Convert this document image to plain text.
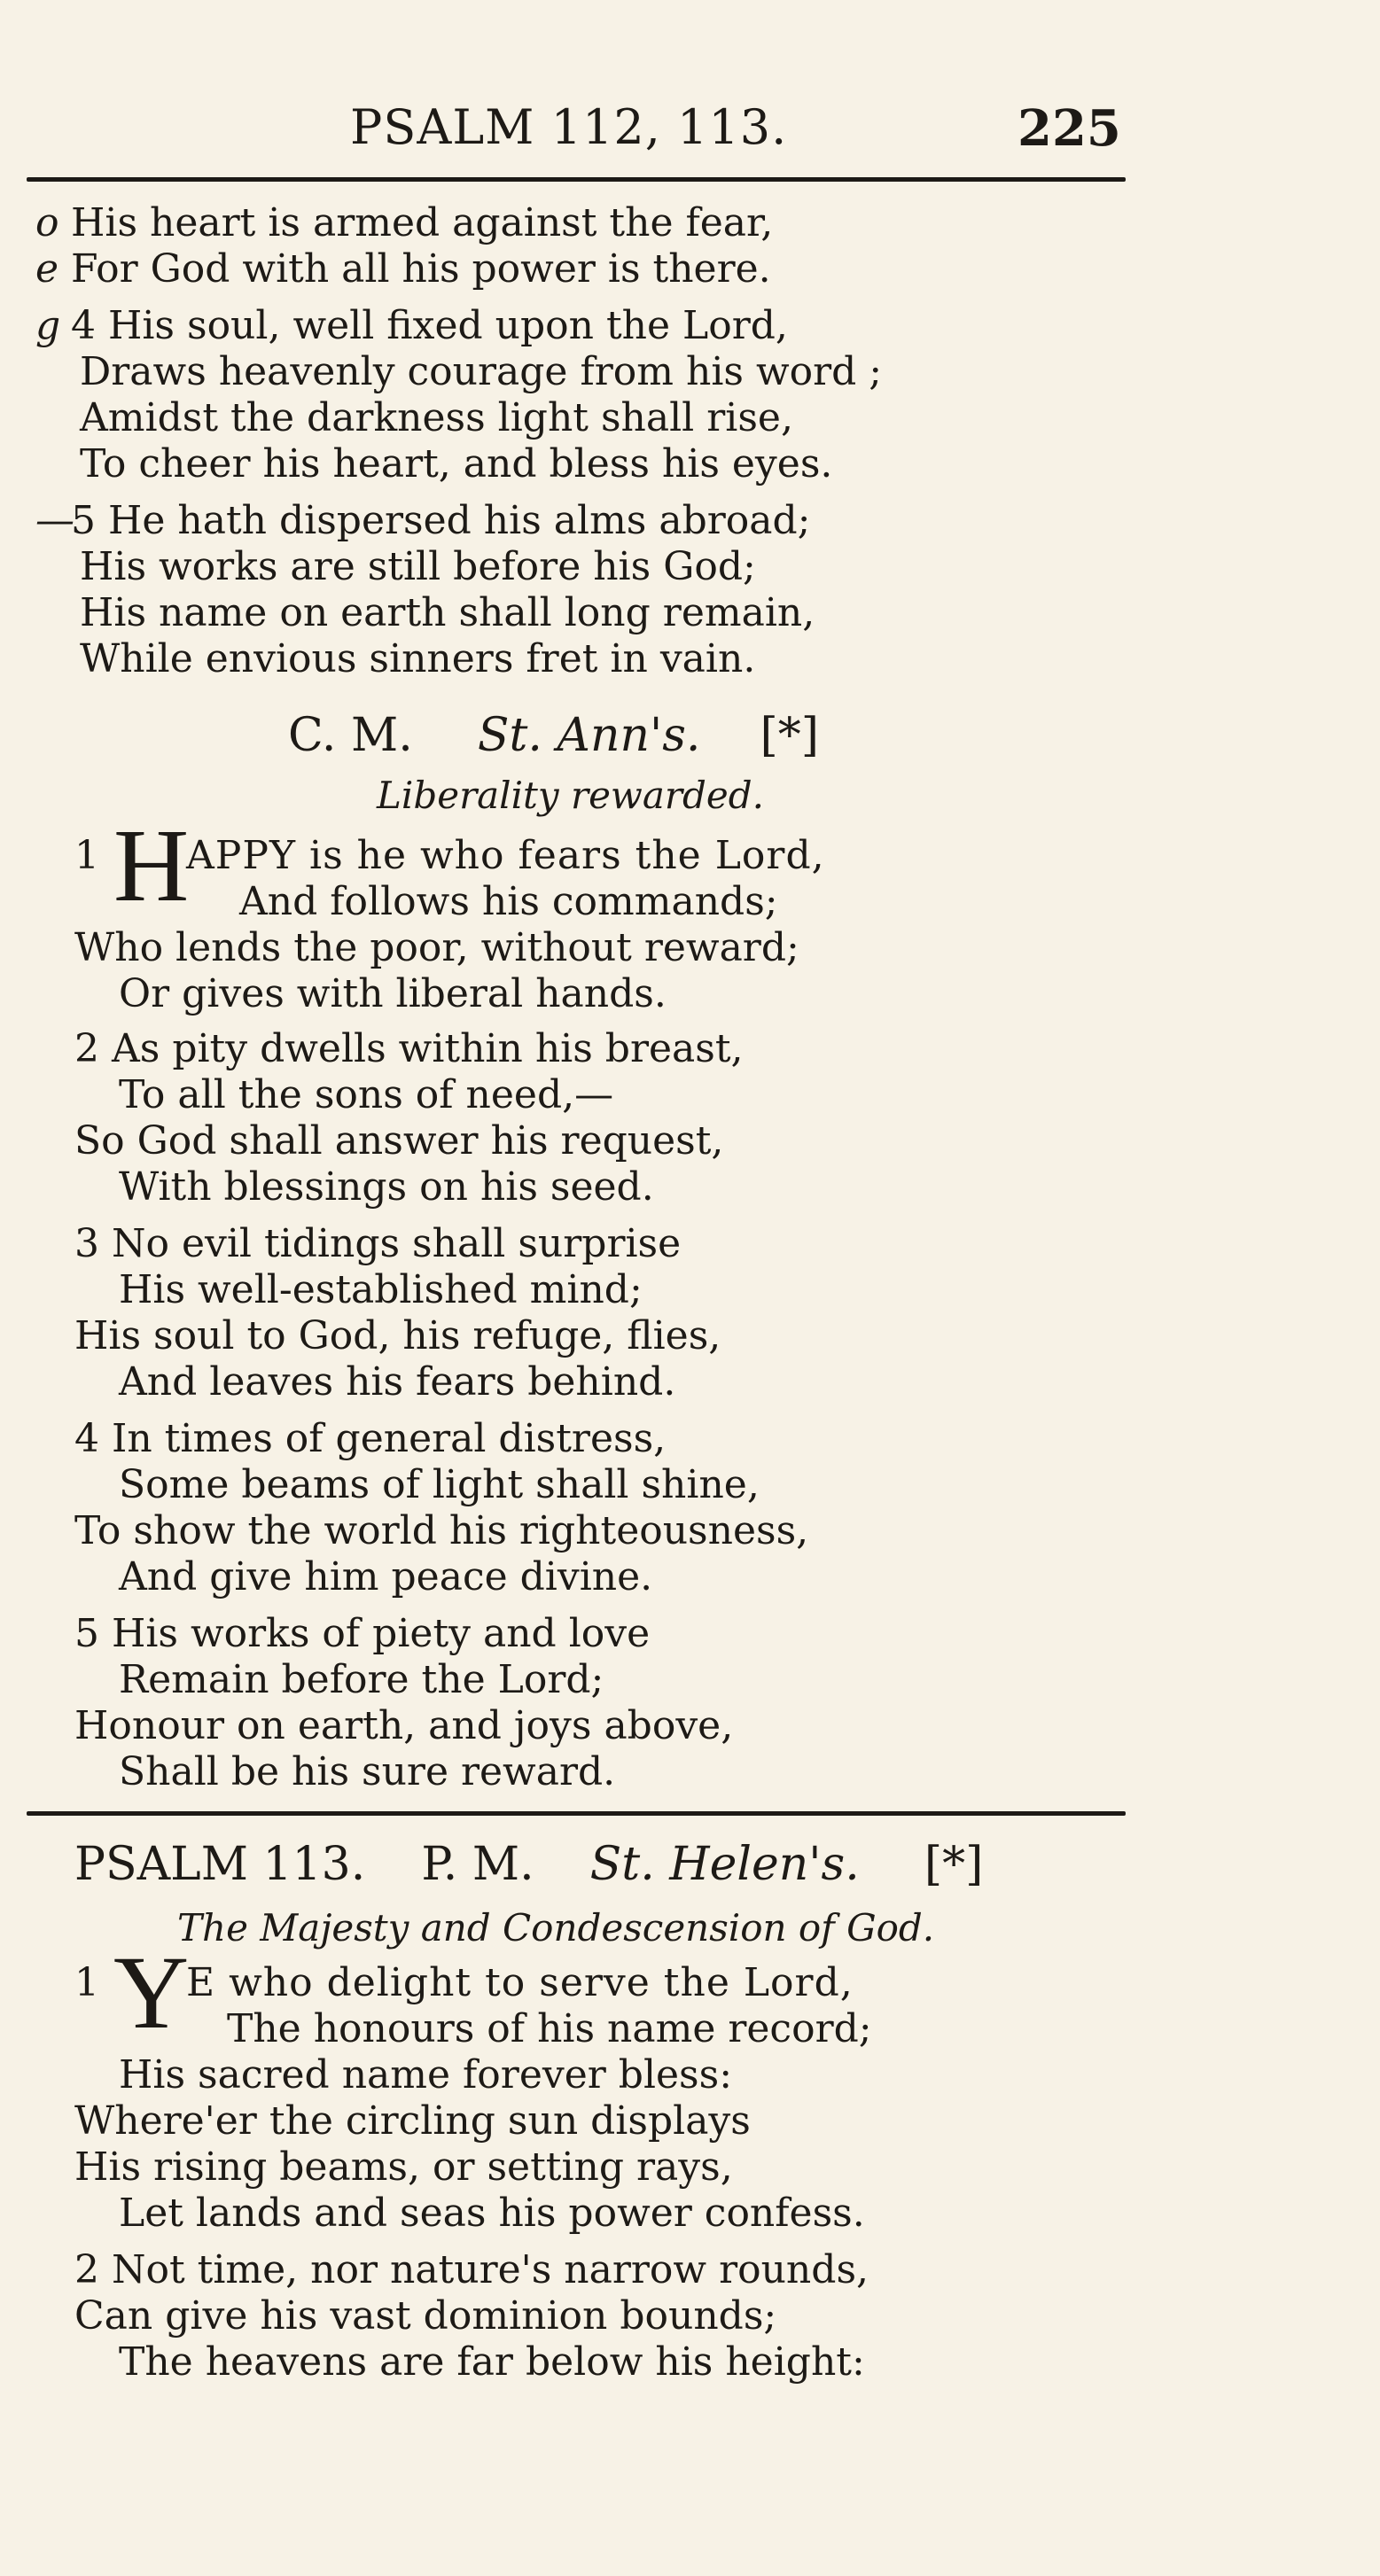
PSALM 112, 113.	225
o His heart is armed against the fear,
e For God with all his power is there.
g 4 His soul, well fixed upon the Lord,
Draws heavenly courage from his word ;
Amidst the darkness light shall rise,
To cheer his heart, and bless his eyes.
—5 He hath dispersed his alms abroad;
His works are still before his God;
His name on earth shall long remain,
While envious sinners fret in vain.
C. M. St. Ann's. [*]
Liberality rewarded.
1 H
APPY is he who fears the Lord,
And follows his commands;
Who lends the poor, without reward;
Or gives with liberal hands.
2 As pity dwells within his breast,
To all the sons of need,—
So God shall answer his request,
With blessings on his seed.
3 No evil tidings shall surprise
His well-established mind;
His soul to God, his refuge, flies,
And leaves his fears behind.
4 In times of general distress,
Some beams of light shall shine,
To show the world his righteousness,
And give him peace divine.
5 His works of piety and love
Remain before the Lord;
Honour on earth, and joys above,
Shall be his sure reward.
PSALM 113. P. M. St. Helen's. [*]
The Majesty and Condescension of God.
1 Y
E who delight to serve the Lord,
The honours of his name record;
His sacred name forever bless:
Where'er the circling sun displays
His rising beams, or setting rays,
Let lands and seas his power confess.
2 Not time, nor nature's narrow rounds,
Can give his vast dominion bounds;
The heavens are far below his height:
